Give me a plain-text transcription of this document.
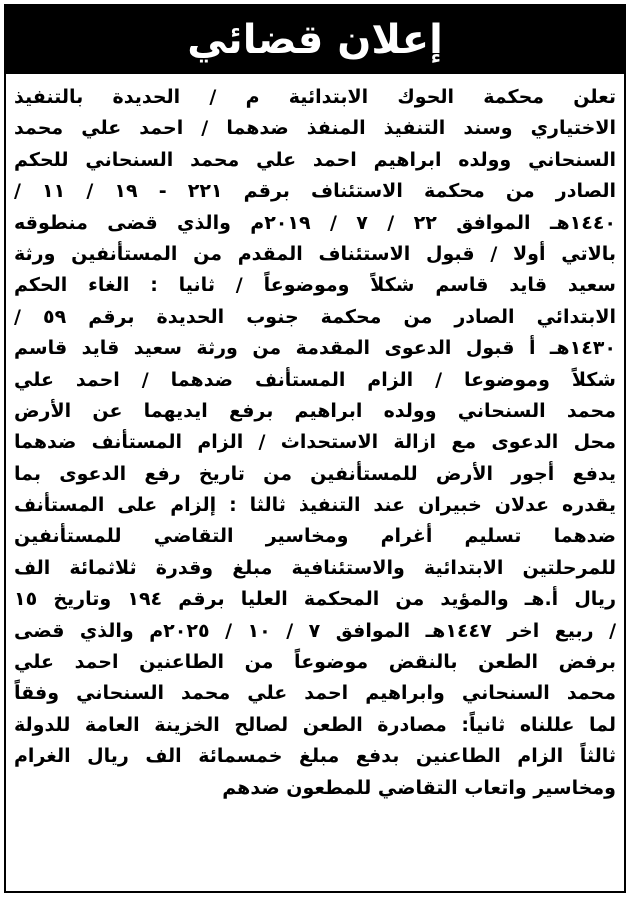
إعلان قضائي
تعلن محكمة الحوك الابتدائية م / الحديدة بالتنفيذ
الاختياري وسند التنفيذ المنفذ ضدهما / احمد علي محمد
السنحاني وولده ابراهيم احمد علي محمد السنحاني للحكم
الصادر من محكمة الاستئناف برقم ٢٢١ - ١٩ / ١١ /
١٤٤٠هـ الموافق ٢٢ / ٧ / ٢٠١٩م والذي قضى منطوقه
بالاتي أولا / قبول الاستئناف المقدم من المستأنفين ورثة
سعيد قايد قاسم شكلاً وموضوعاً / ثانيا : الغاء الحكم
الابتدائي الصادر من محكمة جنوب الحديدة برقم ٥٩ /
١٤٣٠هـ أ قبول الدعوى المقدمة من ورثة سعيد قايد قاسم
شكلاً وموضوعا / الزام المستأنف ضدهما / احمد علي
محمد السنحاني وولده ابراهيم برفع ايديهما عن الأرض
محل الدعوى مع ازالة الاستحداث / الزام المستأنف ضدهما
يدفع أجور الأرض للمستأنفين من تاريخ رفع الدعوى بما
يقدره عدلان خبيران عند التنفيذ ثالثا : إلزام على المستأنف
ضدهما تسليم أغرام ومخاسير التقاضي للمستأنفين
للمرحلتين الابتدائية والاستئنافية مبلغ وقدرة ثلاثمائة الف
ريال أ.هـ والمؤيد من المحكمة العليا برقم ١٩٤ وتاريخ ١٥
/ ربيع اخر ١٤٤٧هـ الموافق ٧ / ١٠ / ٢٠٢٥م والذي قضى
برفض الطعن بالنقض موضوعاً من الطاعنين احمد علي
محمد السنحاني وابراهيم احمد علي محمد السنحاني وفقاً
لما عللناه ثانياً: مصادرة الطعن لصالح الخزينة العامة للدولة
ثالثاً الزام الطاعنين بدفع مبلغ خمسمائة الف ريال الغرام
ومخاسير واتعاب التقاضي للمطعون ضدهم
